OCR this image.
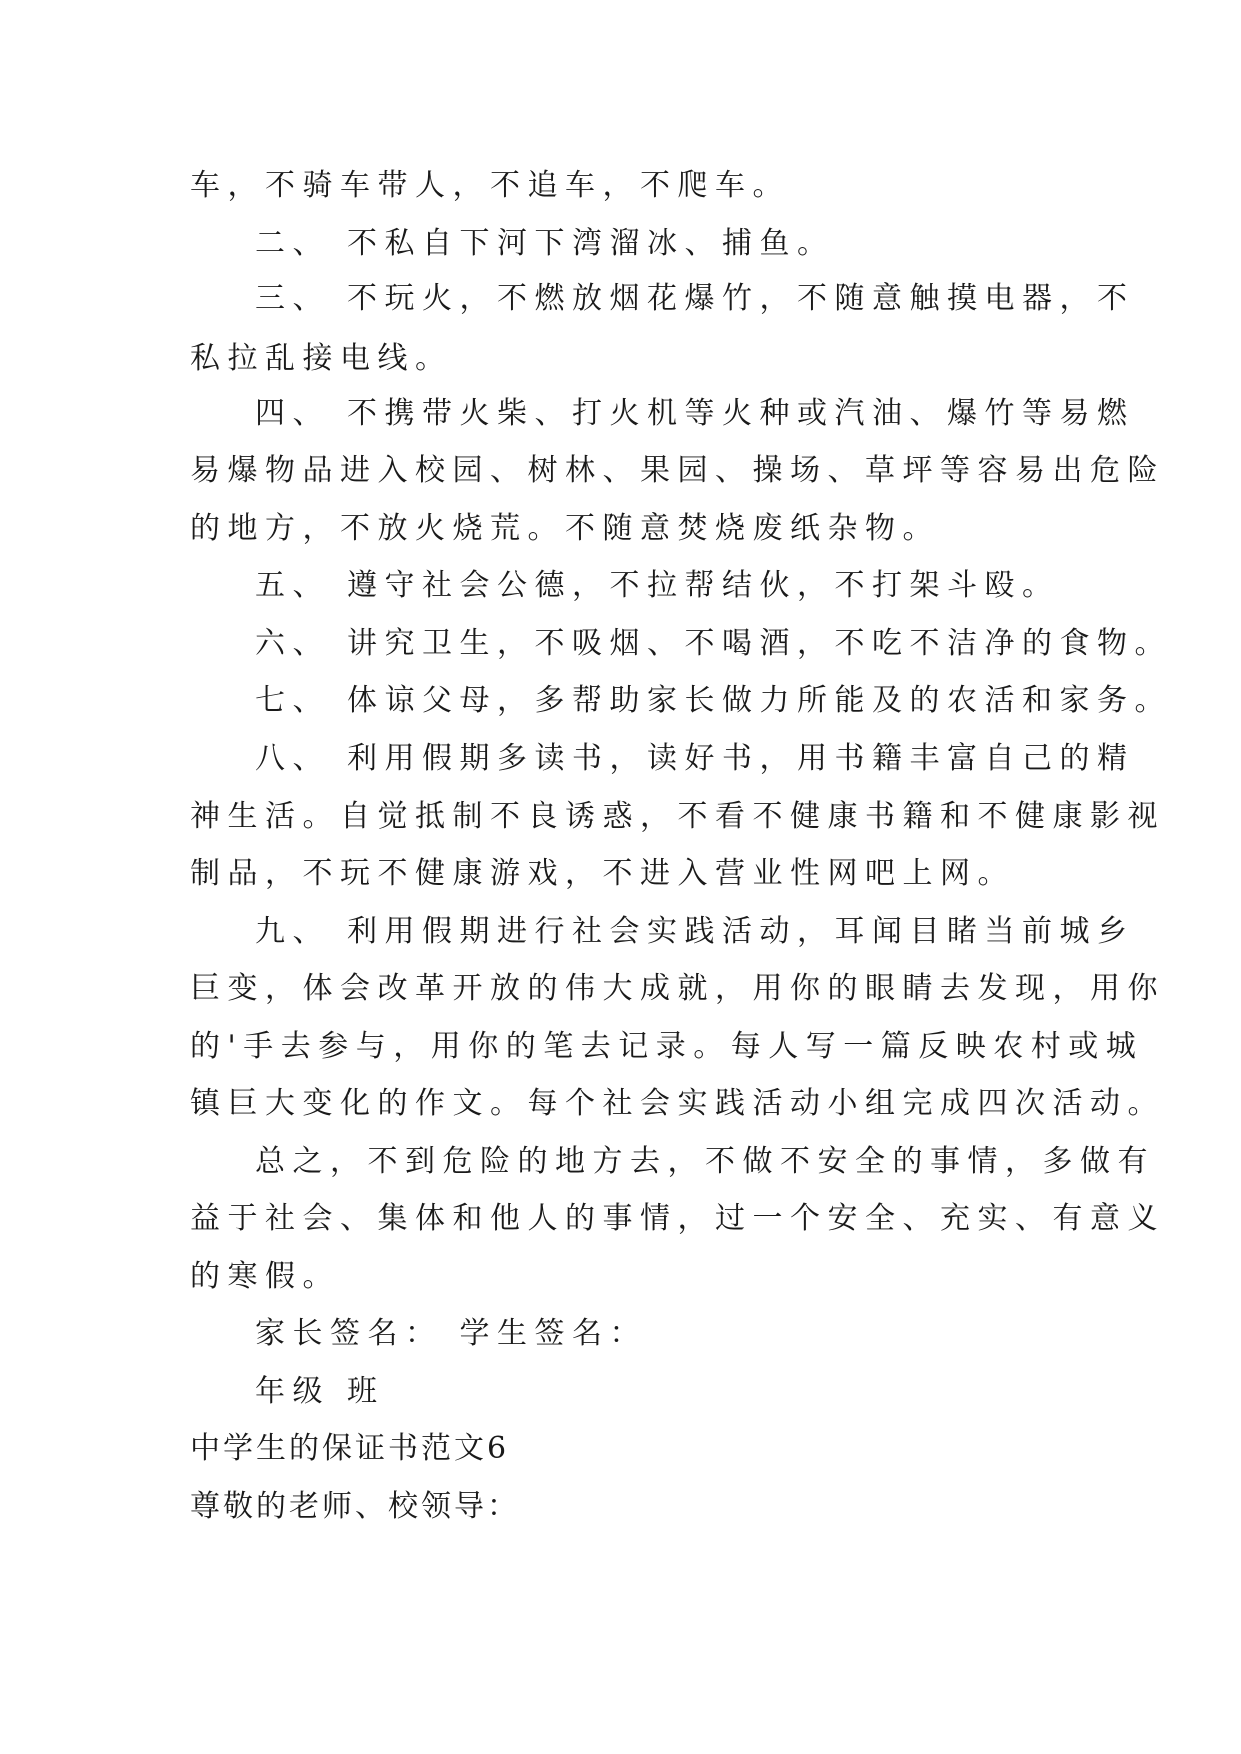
车，不骑车带人，不追车，不爬车。
二、 不私自下河下湾溜冰、捕鱼。
三、 不玩火，不燃放烟花爆竹，不随意触摸电器，不
私拉乱接电线。
四、 不携带火柴、打火机等火种或汽油、爆竹等易燃
易爆物品进入校园、树林、果园、操场、草坪等容易出危险
的地方，不放火烧荒。不随意焚烧废纸杂物。
五、 遵守社会公德，不拉帮结伙，不打架斗殴。
六、 讲究卫生，不吸烟、不喝酒，不吃不洁净的食物。
七、 体谅父母，多帮助家长做力所能及的农活和家务。
八、 利用假期多读书，读好书，用书籍丰富自己的精
神生活。自觉抵制不良诱惑，不看不健康书籍和不健康影视
制品，不玩不健康游戏，不进入营业性网吧上网。
九、 利用假期进行社会实践活动，耳闻目睹当前城乡
巨变，体会改革开放的伟大成就，用你的眼睛去发现，用你
的'手去参与，用你的笔去记录。每人写一篇反映农村或城
镇巨大变化的作文。每个社会实践活动小组完成四次活动。
总之，不到危险的地方去，不做不安全的事情，多做有
益于社会、集体和他人的事情，过一个安全、充实、有意义
的寒假。
家长签名： 学生签名：
年级 班
中学生的保证书范文6
尊敬的老师、校领导：
